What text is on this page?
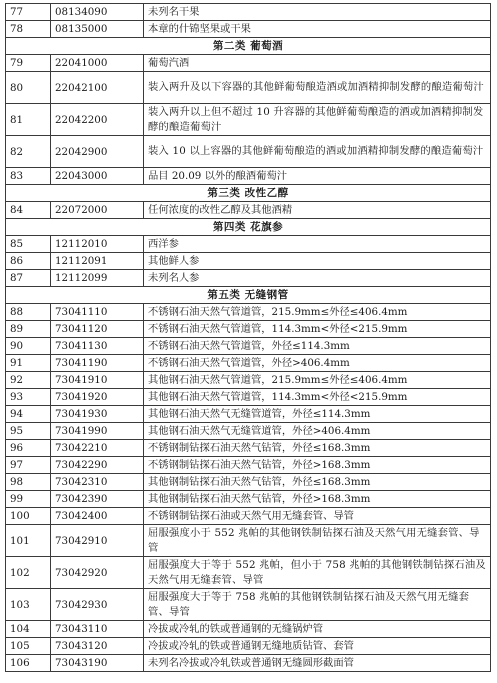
77	08134090	未列名干果
78	08135000	本章的什锦坚果或干果
第二类 葡萄酒		
79	22041000	葡萄汽酒
80	22042100	装入两升及以下容器的其他鲜葡萄酿造酒或加酒精抑制发酵的酿造葡萄汁
81	22042200	装入两升以上但不超过 10 升容器的其他鲜葡萄酿造的酒或加酒精抑制发酵的酿造葡萄汁
82	22042900	装入 10 以上容器的其他鲜葡萄酿造的酒或加酒精抑制发酵的酿造葡萄汁
83	22043000	品目 20.09 以外的酿酒葡萄汁
第三类 改性乙醇		
84	22072000	任何浓度的改性乙醇及其他酒精
第四类 花旗参		
85	12112010	西洋参
86	12112091	其他鲜人参
87	12112099	未列名人参
第五类 无缝钢管		
88	73041110	不锈钢石油天然气管道管，215.9mm≤外径≤406.4mm
89	73041120	不锈钢石油天然气管道管，114.3mm<外径<215.9mm
90	73041130	不锈钢石油天然气管道管，外径≤114.3mm
91	73041190	不锈钢石油天然气管道管，外径>406.4mm
92	73041910	其他钢石油天然气管道管，215.9mm≤外径≤406.4mm
93	73041920	其他钢石油天然气管道管，114.3mm<外径<215.9mm
94	73041930	其他钢石油天然气无缝管道管，外径≤114.3mm
95	73041990	其他钢石油天然气无缝管道管，外径>406.4mm
96	73042210	不锈钢制钻探石油天然气钻管，外径≤168.3mm
97	73042290	不锈钢制钻探石油天然气钻管，外径>168.3mm
98	73042310	其他钢制钻探石油天然气钻管，外径≤168.3mm
99	73042390	其他钢制钻探石油天然气钻管，外径>168.3mm
100	73042400	不锈钢制钻探石油或天然气用无缝套管、导管
101	73042910	屈服强度小于 552 兆帕的其他钢铁制钻探石油及天然气用无缝套管、导管
102	73042920	屈服强度大于等于 552 兆帕，但小于 758 兆帕的其他钢铁制钻探石油及天然气用无缝套管、导管
103	73042930	屈服强度大于等于 758 兆帕的其他钢铁制钻探石油及天然气用无缝套管、导管
104	73043110	冷拔或冷轧的铁或普通钢的无缝锅炉管
105	73043120	冷拔或冷轧的铁或普通钢无缝地质钻管、套管
106	73043190	未列名冷拔或冷轧铁或普通钢无缝圆形截面管
